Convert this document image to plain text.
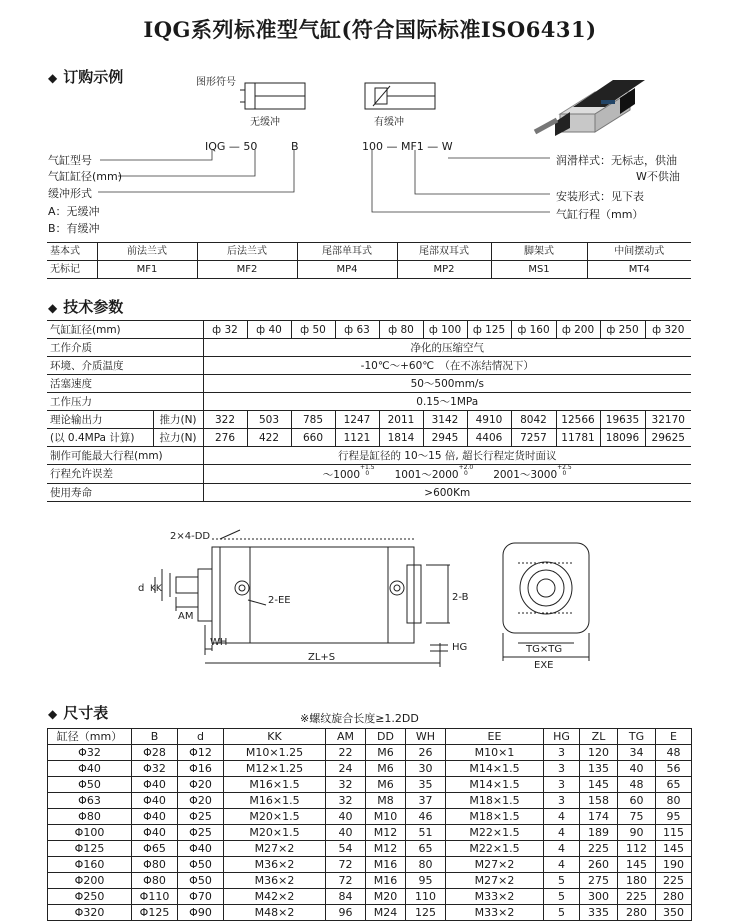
IQG系列标准型气缸(符合国际标准ISO6431)
◆ 订购示例	图形符号
无缓冲	有缓冲
IQG — 50	B	100 — MF1 — W
气缸型号
气缸缸径(mm)
缓冲形式
A：无缓冲
B：有缓冲
润滑样式：无标志，供油
W不供油
安装形式：见下表
气缸行程（mm）
基本式	前法兰式	后法兰式	尾部单耳式	尾部双耳式	脚架式	中间摆动式
无标记	MF1	MF2	MP4	MP2	MS1	MT4
◆ 技术参数
气缸缸径(mm)		ф 32	ф 40	ф 50	ф 63	ф 80	ф 100	ф 125	ф 160	ф 200	ф 250	ф 320
工作介质		净化的压缩空气										
环境、介质温度		-10℃～+60℃　（在不冻结情况下）										
活塞速度		50～500mm/s										
工作压力		0.15～1MPa										
理论输出力	推力(N)	322	503	785	1247	2011	3142	4910	8042	12566	19635	32170
(以 0.4MPa 计算)	拉力(N)	276	422	660	1121	1814	2945	4406	7257	11781	18096	29625
制作可能最大行程(mm)		行程是缸径的 10～15 倍, 超长行程定货时面议										
行程允许误差		$\sim 1000^{+1.5 0}$ $1001\sim 2000^{+2.0 0}$ $2001\sim 3000^{+2.5 0}$
使用寿命		>600Km										
2×4-DD
2-EE
d KK
AM
WH
ZL+S
HG
2-B
TG×TG
EXE
◆ 尺寸表	※螺纹旋合长度≥1.2DD
缸径（mm）	B	d	KK	AM	DD	WH	EE	HG	ZL	TG	E
Φ32	Φ28	Φ12	M10×1.25	22	M6	26	M10×1	3	120	34	48
Φ40	Φ32	Φ16	M12×1.25	24	M6	30	M14×1.5	3	135	40	56
Φ50	Φ40	Φ20	M16×1.5	32	M6	35	M14×1.5	3	145	48	65
Φ63	Φ40	Φ20	M16×1.5	32	M8	37	M18×1.5	3	158	60	80
Φ80	Φ40	Φ25	M20×1.5	40	M10	46	M18×1.5	4	174	75	95
Φ100	Φ40	Φ25	M20×1.5	40	M12	51	M22×1.5	4	189	90	115
Φ125	Φ65	Φ40	M27×2	54	M12	65	M22×1.5	4	225	112	145
Φ160	Φ80	Φ50	M36×2	72	M16	80	M27×2	4	260	145	190
Φ200	Φ80	Φ50	M36×2	72	M16	95	M27×2	5	275	180	225
Φ250	Φ110	Φ70	M42×2	84	M20	110	M33×2	5	300	225	280
Φ320	Φ125	Φ90	M48×2	96	M24	125	M33×2	5	335	280	350
